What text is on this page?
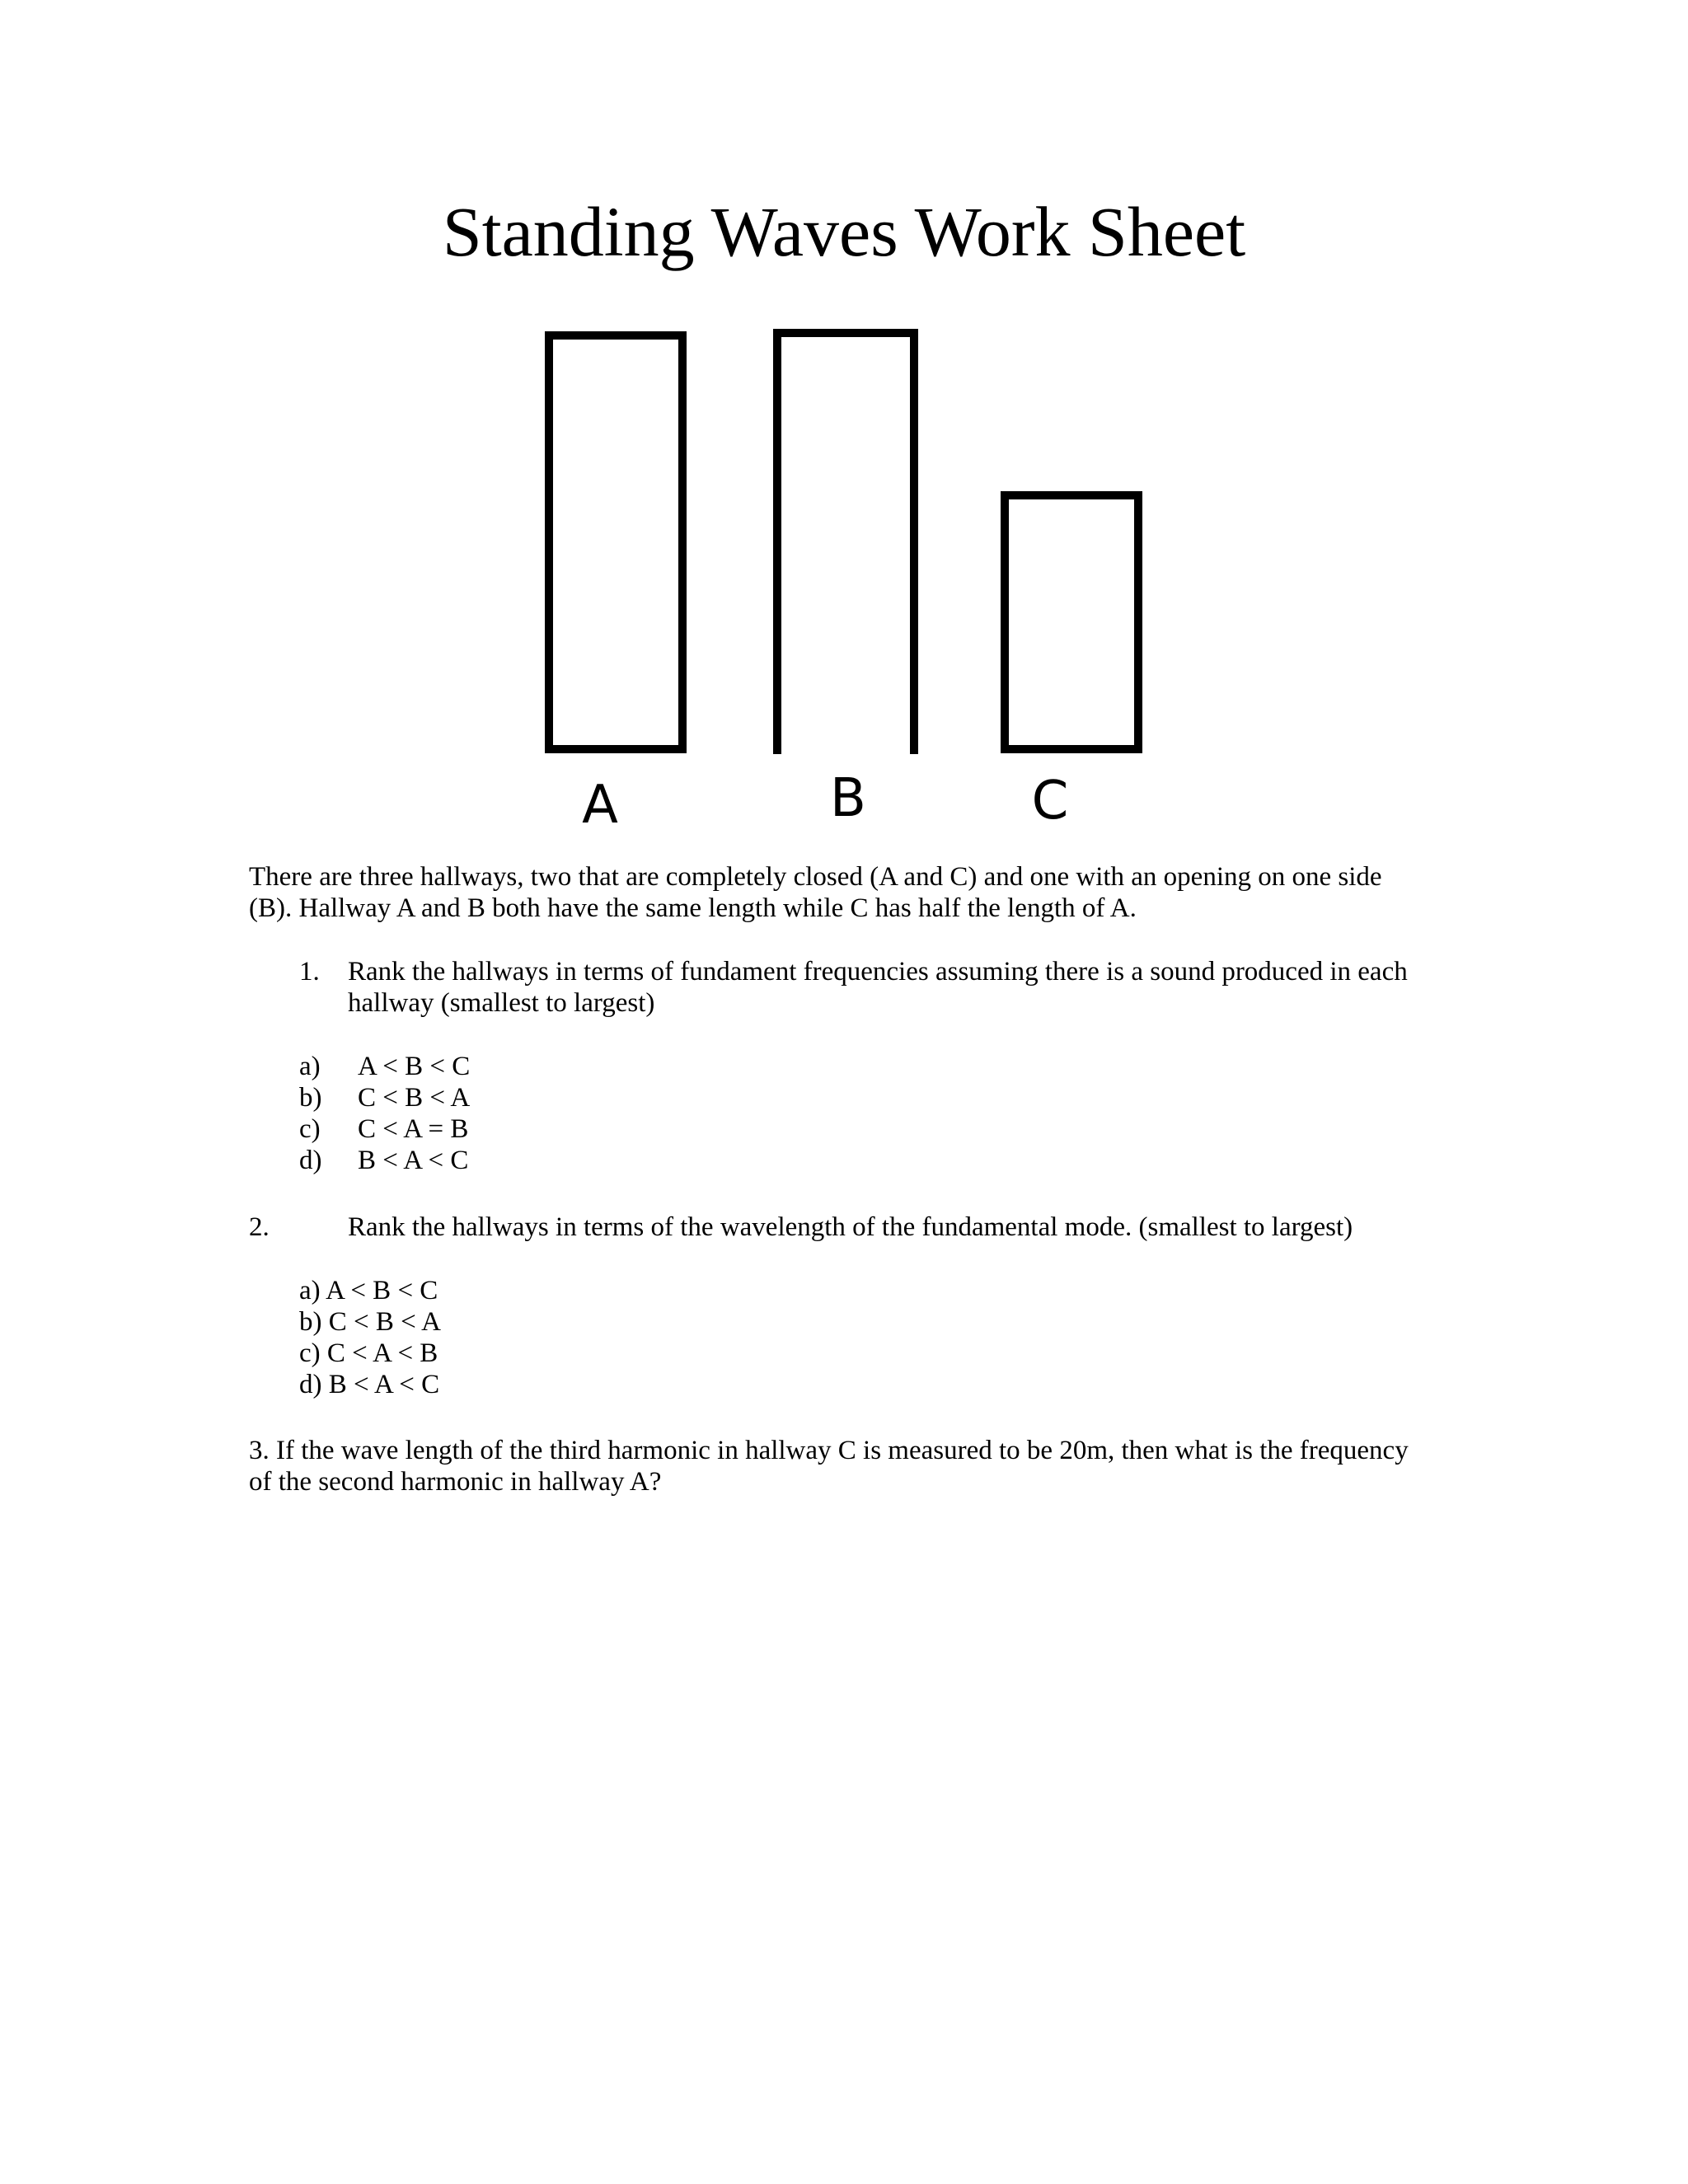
Standing Waves Work Sheet
A	B	C
There are three hallways, two that are completely closed (A and C) and one with an opening on one side
(B). Hallway A and B both have the same length while C has half the length of A.
1. Rank the hallways in terms of fundament frequencies assuming there is a sound produced in each
hallway (smallest to largest)
a) A < B < C
b) C < B < A
c) C < A = B
d) B < A < C
2.	Rank the hallways in terms of the wavelength of the fundamental mode. (smallest to largest)
a) A < B < C
b) C < B < A
c) C < A < B
d) B < A < C
3. If the wave length of the third harmonic in hallway C is measured to be 20m, then what is the frequency
of the second harmonic in hallway A?
